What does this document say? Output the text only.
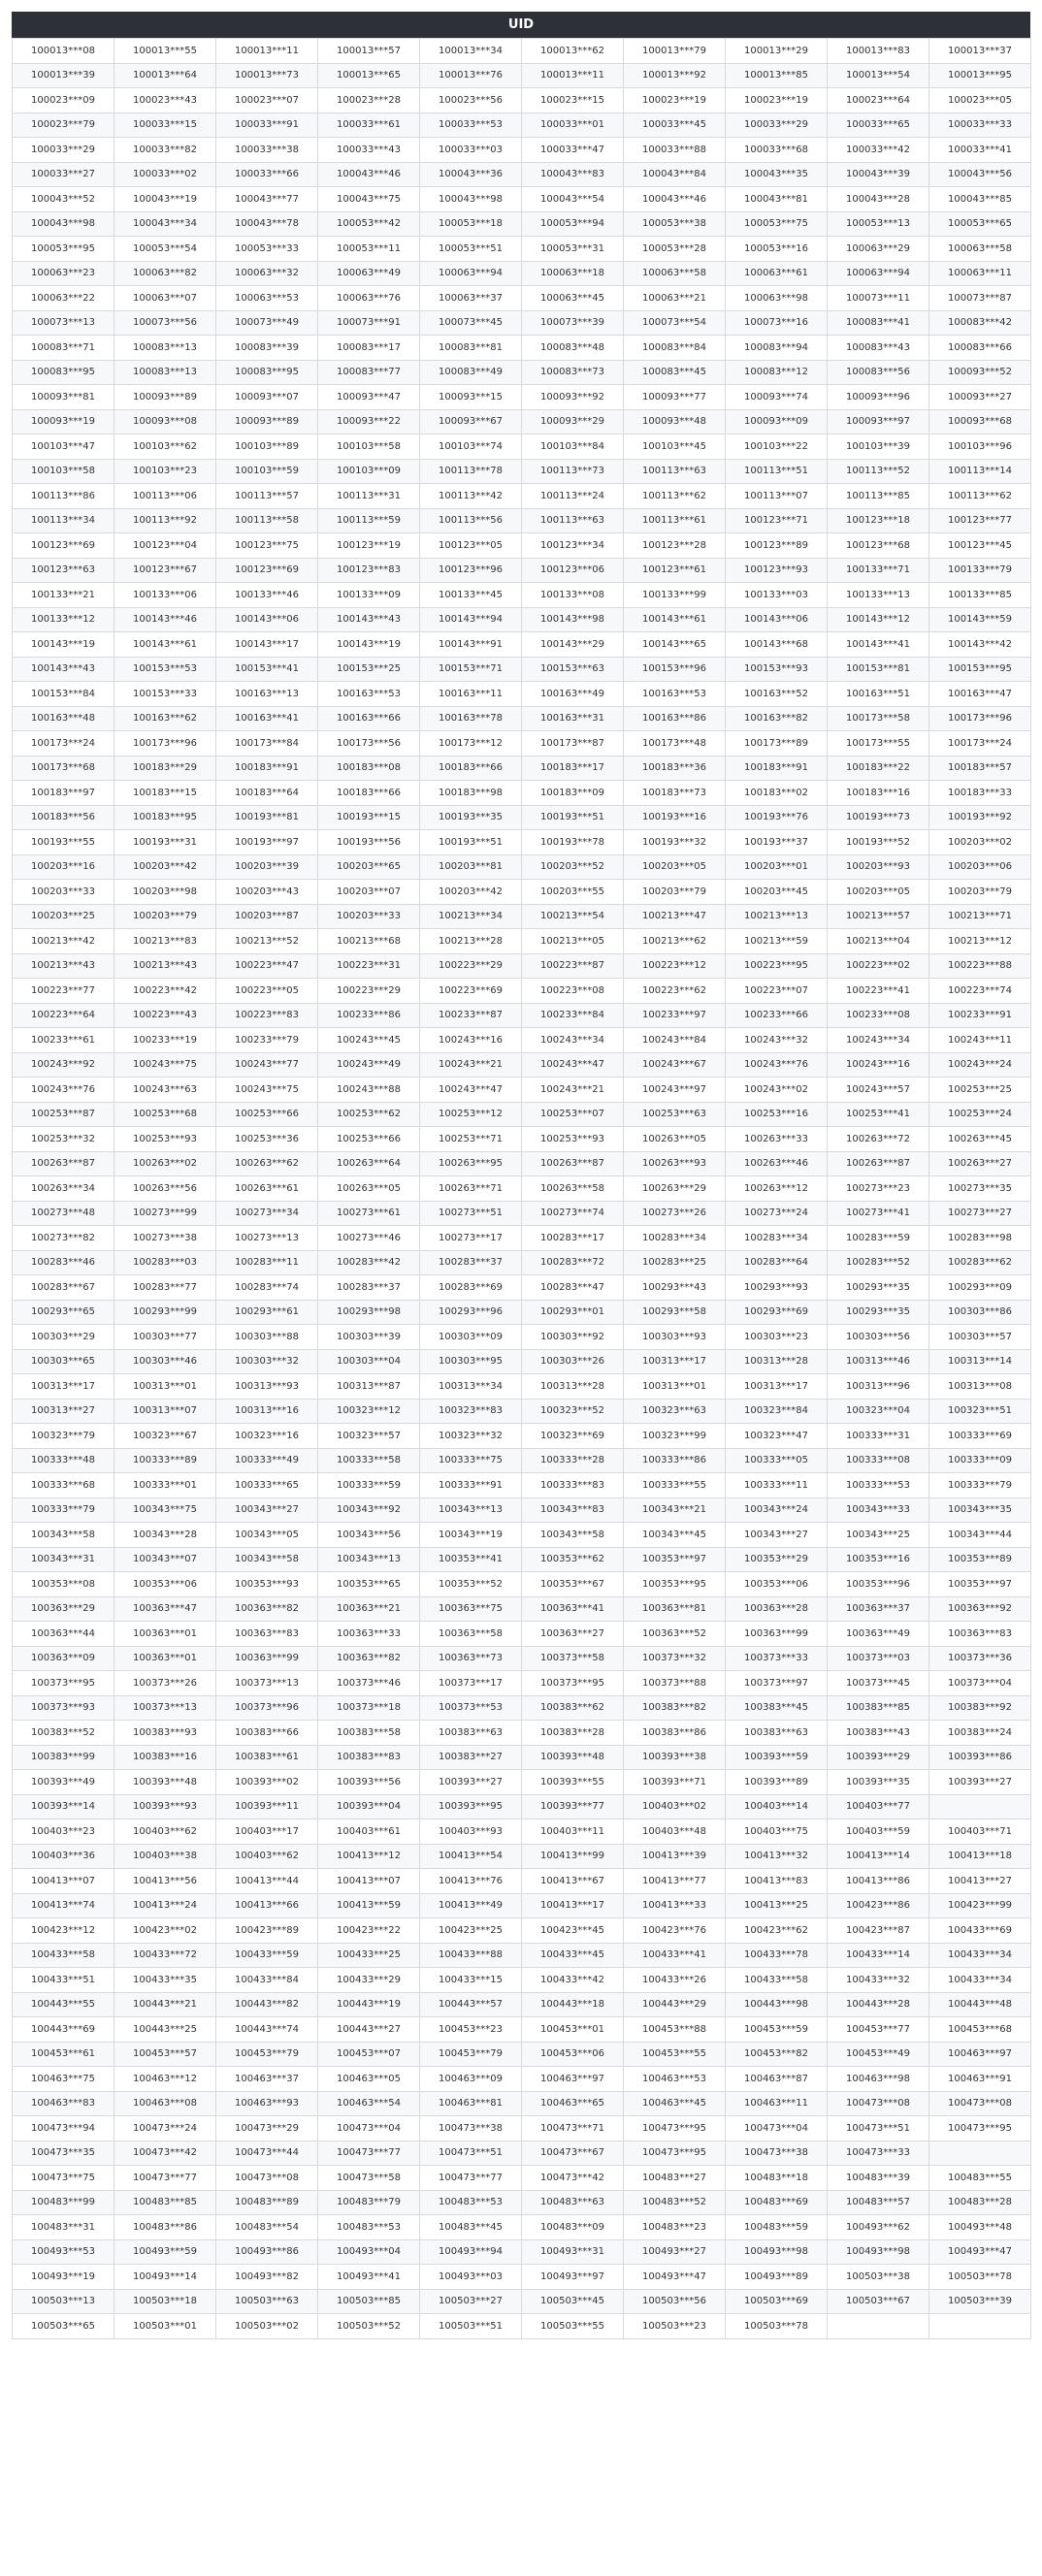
UID
100013***08	100013***55	100013***11	100013***57	100013***34	100013***62	100013***79	100013***29	100013***83	100013***37
100013***39	100013***64	100013***73	100013***65	100013***76	100013***11	100013***92	100013***85	100013***54	100013***95
100023***09	100023***43	100023***07	100023***28	100023***56	100023***15	100023***19	100023***19	100023***64	100023***05
100023***79	100033***15	100033***91	100033***61	100033***53	100033***01	100033***45	100033***29	100033***65	100033***33
100033***29	100033***82	100033***38	100033***43	100033***03	100033***47	100033***88	100033***68	100033***42	100033***41
100033***27	100033***02	100033***66	100043***46	100043***36	100043***83	100043***84	100043***35	100043***39	100043***56
100043***52	100043***19	100043***77	100043***75	100043***98	100043***54	100043***46	100043***81	100043***28	100043***85
100043***98	100043***34	100043***78	100053***42	100053***18	100053***94	100053***38	100053***75	100053***13	100053***65
100053***95	100053***54	100053***33	100053***11	100053***51	100053***31	100053***28	100053***16	100063***29	100063***58
100063***23	100063***82	100063***32	100063***49	100063***94	100063***18	100063***58	100063***61	100063***94	100063***11
100063***22	100063***07	100063***53	100063***76	100063***37	100063***45	100063***21	100063***98	100073***11	100073***87
100073***13	100073***56	100073***49	100073***91	100073***45	100073***39	100073***54	100073***16	100083***41	100083***42
100083***71	100083***13	100083***39	100083***17	100083***81	100083***48	100083***84	100083***94	100083***43	100083***66
100083***95	100083***13	100083***95	100083***77	100083***49	100083***73	100083***45	100083***12	100083***56	100093***52
100093***81	100093***89	100093***07	100093***47	100093***15	100093***92	100093***77	100093***74	100093***96	100093***27
100093***19	100093***08	100093***89	100093***22	100093***67	100093***29	100093***48	100093***09	100093***97	100093***68
100103***47	100103***62	100103***89	100103***58	100103***74	100103***84	100103***45	100103***22	100103***39	100103***96
100103***58	100103***23	100103***59	100103***09	100113***78	100113***73	100113***63	100113***51	100113***52	100113***14
100113***86	100113***06	100113***57	100113***31	100113***42	100113***24	100113***62	100113***07	100113***85	100113***62
100113***34	100113***92	100113***58	100113***59	100113***56	100113***63	100113***61	100123***71	100123***18	100123***77
100123***69	100123***04	100123***75	100123***19	100123***05	100123***34	100123***28	100123***89	100123***68	100123***45
100123***63	100123***67	100123***69	100123***83	100123***96	100123***06	100123***61	100123***93	100133***71	100133***79
100133***21	100133***06	100133***46	100133***09	100133***45	100133***08	100133***99	100133***03	100133***13	100133***85
100133***12	100143***46	100143***06	100143***43	100143***94	100143***98	100143***61	100143***06	100143***12	100143***59
100143***19	100143***61	100143***17	100143***19	100143***91	100143***29	100143***65	100143***68	100143***41	100143***42
100143***43	100153***53	100153***41	100153***25	100153***71	100153***63	100153***96	100153***93	100153***81	100153***95
100153***84	100153***33	100163***13	100163***53	100163***11	100163***49	100163***53	100163***52	100163***51	100163***47
100163***48	100163***62	100163***41	100163***66	100163***78	100163***31	100163***86	100163***82	100173***58	100173***96
100173***24	100173***96	100173***84	100173***56	100173***12	100173***87	100173***48	100173***89	100173***55	100173***24
100173***68	100183***29	100183***91	100183***08	100183***66	100183***17	100183***36	100183***91	100183***22	100183***57
100183***97	100183***15	100183***64	100183***66	100183***98	100183***09	100183***73	100183***02	100183***16	100183***33
100183***56	100183***95	100193***81	100193***15	100193***35	100193***51	100193***16	100193***76	100193***73	100193***92
100193***55	100193***31	100193***97	100193***56	100193***51	100193***78	100193***32	100193***37	100193***52	100203***02
100203***16	100203***42	100203***39	100203***65	100203***81	100203***52	100203***05	100203***01	100203***93	100203***06
100203***33	100203***98	100203***43	100203***07	100203***42	100203***55	100203***79	100203***45	100203***05	100203***79
100203***25	100203***79	100203***87	100203***33	100213***34	100213***54	100213***47	100213***13	100213***57	100213***71
100213***42	100213***83	100213***52	100213***68	100213***28	100213***05	100213***62	100213***59	100213***04	100213***12
100213***43	100213***43	100223***47	100223***31	100223***29	100223***87	100223***12	100223***95	100223***02	100223***88
100223***77	100223***42	100223***05	100223***29	100223***69	100223***08	100223***62	100223***07	100223***41	100223***74
100223***64	100223***43	100223***83	100233***86	100233***87	100233***84	100233***97	100233***66	100233***08	100233***91
100233***61	100233***19	100233***79	100243***45	100243***16	100243***34	100243***84	100243***32	100243***34	100243***11
100243***92	100243***75	100243***77	100243***49	100243***21	100243***47	100243***67	100243***76	100243***16	100243***24
100243***76	100243***63	100243***75	100243***88	100243***47	100243***21	100243***97	100243***02	100243***57	100253***25
100253***87	100253***68	100253***66	100253***62	100253***12	100253***07	100253***63	100253***16	100253***41	100253***24
100253***32	100253***93	100253***36	100253***66	100253***71	100253***93	100263***05	100263***33	100263***72	100263***45
100263***87	100263***02	100263***62	100263***64	100263***95	100263***87	100263***93	100263***46	100263***87	100263***27
100263***34	100263***56	100263***61	100263***05	100263***71	100263***58	100263***29	100263***12	100273***23	100273***35
100273***48	100273***99	100273***34	100273***61	100273***51	100273***74	100273***26	100273***24	100273***41	100273***27
100273***82	100273***38	100273***13	100273***46	100273***17	100283***17	100283***34	100283***34	100283***59	100283***98
100283***46	100283***03	100283***11	100283***42	100283***37	100283***72	100283***25	100283***64	100283***52	100283***62
100283***67	100283***77	100283***74	100283***37	100283***69	100283***47	100293***43	100293***93	100293***35	100293***09
100293***65	100293***99	100293***61	100293***98	100293***96	100293***01	100293***58	100293***69	100293***35	100303***86
100303***29	100303***77	100303***88	100303***39	100303***09	100303***92	100303***93	100303***23	100303***56	100303***57
100303***65	100303***46	100303***32	100303***04	100303***95	100303***26	100313***17	100313***28	100313***46	100313***14
100313***17	100313***01	100313***93	100313***87	100313***34	100313***28	100313***01	100313***17	100313***96	100313***08
100313***27	100313***07	100313***16	100323***12	100323***83	100323***52	100323***63	100323***84	100323***04	100323***51
100323***79	100323***67	100323***16	100323***57	100323***32	100323***69	100323***99	100323***47	100333***31	100333***69
100333***48	100333***89	100333***49	100333***58	100333***75	100333***28	100333***86	100333***05	100333***08	100333***09
100333***68	100333***01	100333***65	100333***59	100333***91	100333***83	100333***55	100333***11	100333***53	100333***79
100333***79	100343***75	100343***27	100343***92	100343***13	100343***83	100343***21	100343***24	100343***33	100343***35
100343***58	100343***28	100343***05	100343***56	100343***19	100343***58	100343***45	100343***27	100343***25	100343***44
100343***31	100343***07	100343***58	100343***13	100353***41	100353***62	100353***97	100353***29	100353***16	100353***89
100353***08	100353***06	100353***93	100353***65	100353***52	100353***67	100353***95	100353***06	100353***96	100353***97
100363***29	100363***47	100363***82	100363***21	100363***75	100363***41	100363***81	100363***28	100363***37	100363***92
100363***44	100363***01	100363***83	100363***33	100363***58	100363***27	100363***52	100363***99	100363***49	100363***83
100363***09	100363***01	100363***99	100363***82	100363***73	100373***58	100373***32	100373***33	100373***03	100373***36
100373***95	100373***26	100373***13	100373***46	100373***17	100373***95	100373***88	100373***97	100373***45	100373***04
100373***93	100373***13	100373***96	100373***18	100373***53	100383***62	100383***82	100383***45	100383***85	100383***92
100383***52	100383***93	100383***66	100383***58	100383***63	100383***28	100383***86	100383***63	100383***43	100383***24
100383***99	100383***16	100383***61	100383***83	100383***27	100393***48	100393***38	100393***59	100393***29	100393***86
100393***49	100393***48	100393***02	100393***56	100393***27	100393***55	100393***71	100393***89	100393***35	100393***27
100393***14	100393***93	100393***11	100393***04	100393***95	100393***77	100403***02	100403***14	100403***77	
100403***23	100403***62	100403***17	100403***61	100403***93	100403***11	100403***48	100403***75	100403***59	100403***71
100403***36	100403***38	100403***62	100413***12	100413***54	100413***99	100413***39	100413***32	100413***14	100413***18
100413***07	100413***56	100413***44	100413***07	100413***76	100413***67	100413***77	100413***83	100413***86	100413***27
100413***74	100413***24	100413***66	100413***59	100413***49	100413***17	100413***33	100413***25	100423***86	100423***99
100423***12	100423***02	100423***89	100423***22	100423***25	100423***45	100423***76	100423***62	100423***87	100433***69
100433***58	100433***72	100433***59	100433***25	100433***88	100433***45	100433***41	100433***78	100433***14	100433***34
100433***51	100433***35	100433***84	100433***29	100433***15	100433***42	100433***26	100433***58	100433***32	100433***34
100443***55	100443***21	100443***82	100443***19	100443***57	100443***18	100443***29	100443***98	100443***28	100443***48
100443***69	100443***25	100443***74	100443***27	100453***23	100453***01	100453***88	100453***59	100453***77	100453***68
100453***61	100453***57	100453***79	100453***07	100453***79	100453***06	100453***55	100453***82	100453***49	100463***97
100463***75	100463***12	100463***37	100463***05	100463***09	100463***97	100463***53	100463***87	100463***98	100463***91
100463***83	100463***08	100463***93	100463***54	100463***81	100463***65	100463***45	100463***11	100473***08	100473***08
100473***94	100473***24	100473***29	100473***04	100473***38	100473***71	100473***95	100473***04	100473***51	100473***95
100473***35	100473***42	100473***44	100473***77	100473***51	100473***67	100473***95	100473***38	100473***33	
100473***75	100473***77	100473***08	100473***58	100473***77	100473***42	100483***27	100483***18	100483***39	100483***55
100483***99	100483***85	100483***89	100483***79	100483***53	100483***63	100483***52	100483***69	100483***57	100483***28
100483***31	100483***86	100483***54	100483***53	100483***45	100483***09	100483***23	100483***59	100493***62	100493***48
100493***53	100493***59	100493***86	100493***04	100493***94	100493***31	100493***27	100493***98	100493***98	100493***47
100493***19	100493***14	100493***82	100493***41	100493***03	100493***97	100493***47	100493***89	100503***38	100503***78
100503***13	100503***18	100503***63	100503***85	100503***27	100503***45	100503***56	100503***69	100503***67	100503***39
100503***65	100503***01	100503***02	100503***52	100503***51	100503***55	100503***23	100503***78		
